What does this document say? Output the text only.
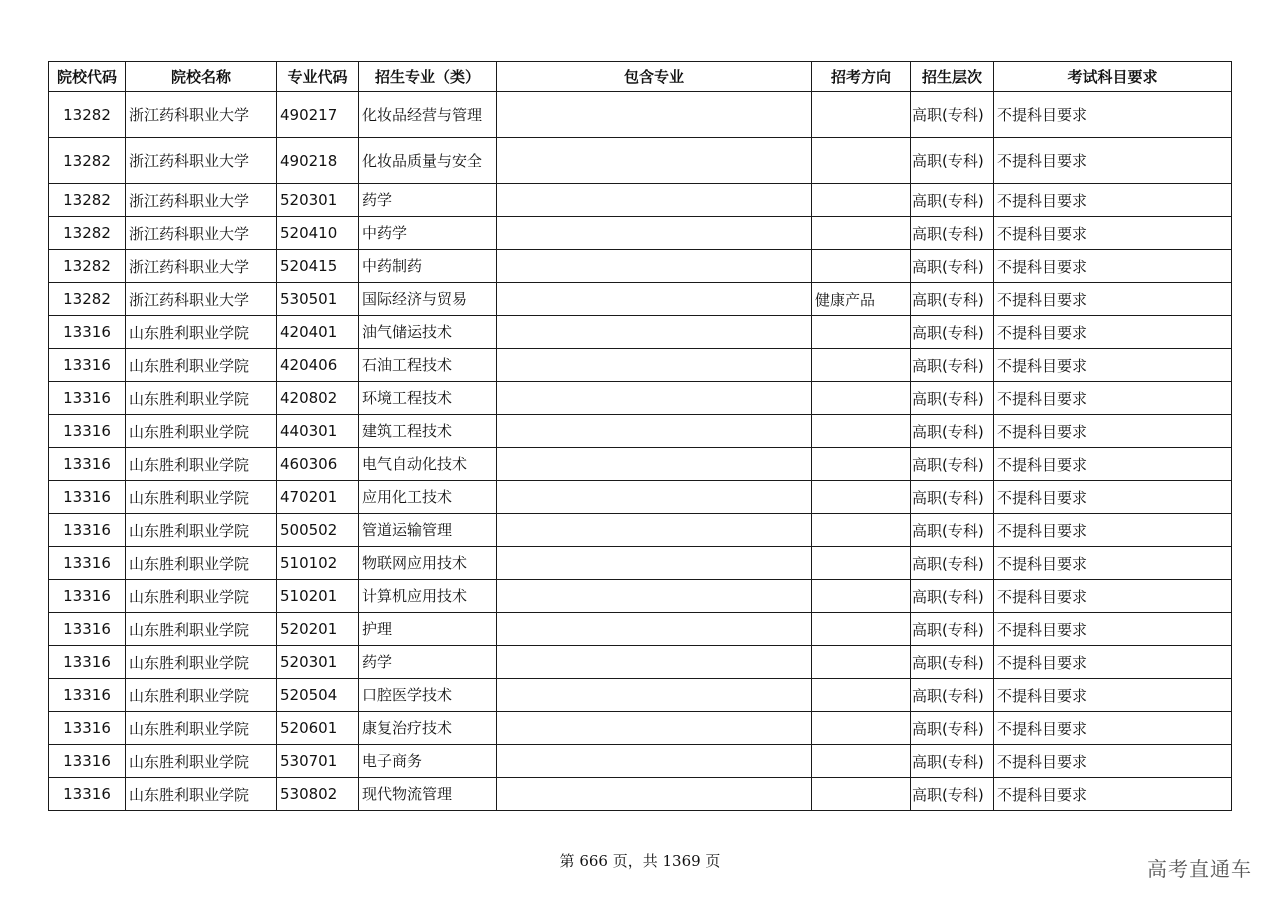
院校代码	院校名称	专业代码	招生专业（类）	包含专业	招考方向	招生层次	考试科目要求
13282	浙江药科职业大学	490217	化妆品经营与管理			高职(专科)	不提科目要求
13282	浙江药科职业大学	490218	化妆品质量与安全			高职(专科)	不提科目要求
13282	浙江药科职业大学	520301	药学			高职(专科)	不提科目要求
13282	浙江药科职业大学	520410	中药学			高职(专科)	不提科目要求
13282	浙江药科职业大学	520415	中药制药			高职(专科)	不提科目要求
13282	浙江药科职业大学	530501	国际经济与贸易		健康产品	高职(专科)	不提科目要求
13316	山东胜利职业学院	420401	油气储运技术			高职(专科)	不提科目要求
13316	山东胜利职业学院	420406	石油工程技术			高职(专科)	不提科目要求
13316	山东胜利职业学院	420802	环境工程技术			高职(专科)	不提科目要求
13316	山东胜利职业学院	440301	建筑工程技术			高职(专科)	不提科目要求
13316	山东胜利职业学院	460306	电气自动化技术			高职(专科)	不提科目要求
13316	山东胜利职业学院	470201	应用化工技术			高职(专科)	不提科目要求
13316	山东胜利职业学院	500502	管道运输管理			高职(专科)	不提科目要求
13316	山东胜利职业学院	510102	物联网应用技术			高职(专科)	不提科目要求
13316	山东胜利职业学院	510201	计算机应用技术			高职(专科)	不提科目要求
13316	山东胜利职业学院	520201	护理			高职(专科)	不提科目要求
13316	山东胜利职业学院	520301	药学			高职(专科)	不提科目要求
13316	山东胜利职业学院	520504	口腔医学技术			高职(专科)	不提科目要求
13316	山东胜利职业学院	520601	康复治疗技术			高职(专科)	不提科目要求
13316	山东胜利职业学院	530701	电子商务			高职(专科)	不提科目要求
13316	山东胜利职业学院	530802	现代物流管理			高职(专科)	不提科目要求
第 666 页，共 1369 页	高考直通车
